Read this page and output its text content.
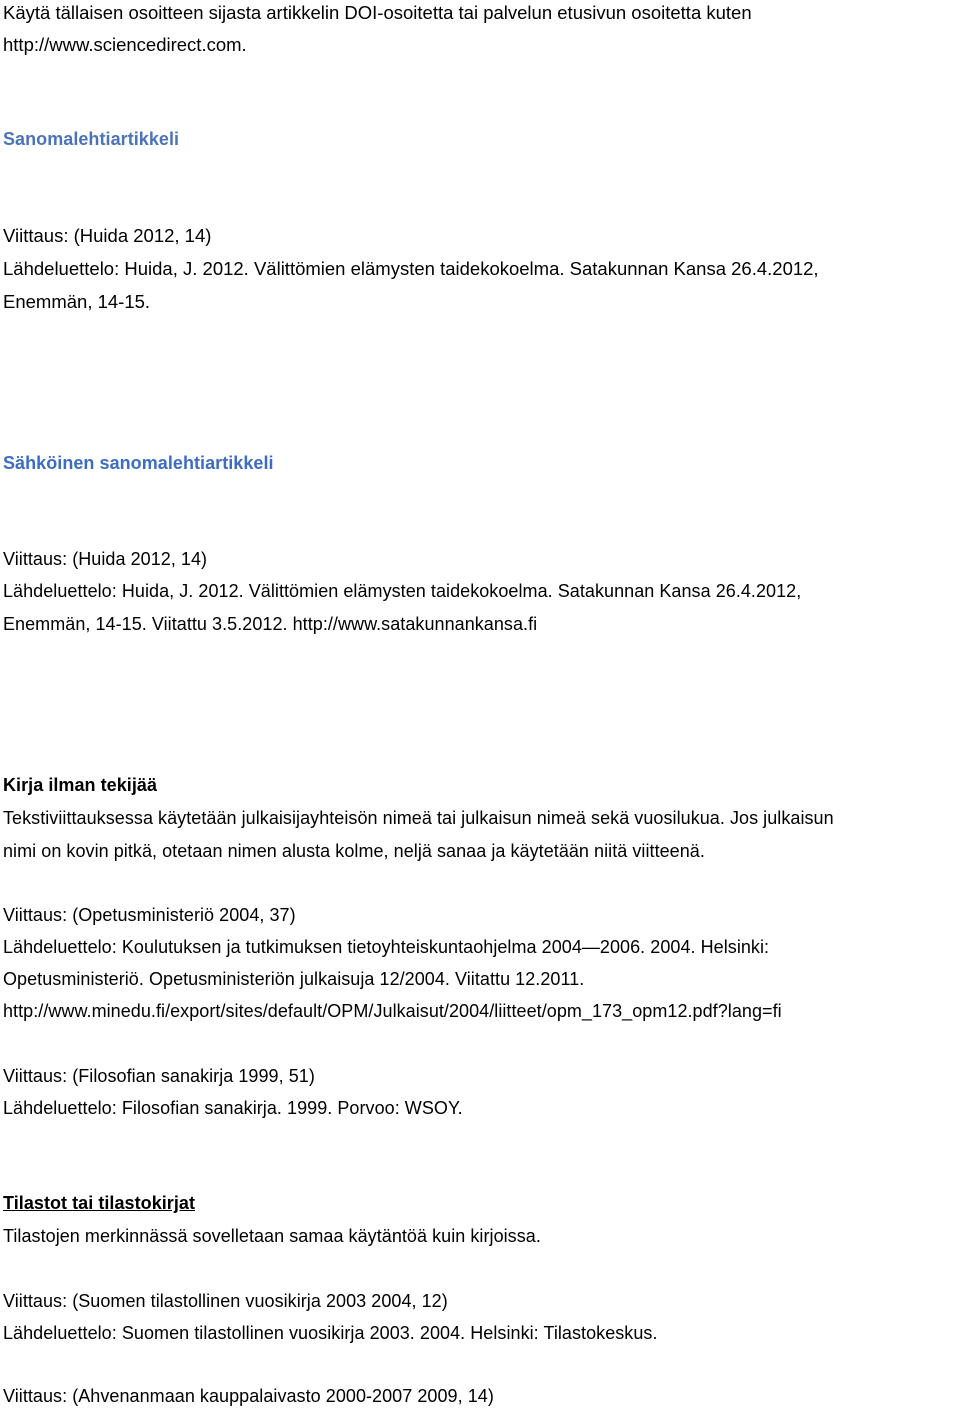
Käytä tällaisen osoitteen sijasta artikkelin DOI-osoitetta tai palvelun etusivun osoitetta kuten
http://www.sciencedirect.com.
Sanomalehtiartikkeli
Viittaus: (Huida 2012, 14)
Lähdeluettelo: Huida, J. 2012. Välittömien elämysten taidekokoelma. Satakunnan Kansa 26.4.2012,
Enemmän, 14-15.
Sähköinen sanomalehtiartikkeli
Viittaus: (Huida 2012, 14)
Lähdeluettelo: Huida, J. 2012. Välittömien elämysten taidekokoelma. Satakunnan Kansa 26.4.2012,
Enemmän, 14-15. Viitattu 3.5.2012. http://www.satakunnankansa.fi
Kirja ilman tekijää
Tekstiviittauksessa käytetään julkaisijayhteisön nimeä tai julkaisun nimeä sekä vuosilukua. Jos julkaisun
nimi on kovin pitkä, otetaan nimen alusta kolme, neljä sanaa ja käytetään niitä viitteenä.
Viittaus: (Opetusministeriö 2004, 37)
Lähdeluettelo: Koulutuksen ja tutkimuksen tietoyhteiskuntaohjelma 2004—2006. 2004. Helsinki:
Opetusministeriö. Opetusministeriön julkaisuja 12/2004. Viitattu 12.2011.
http://www.minedu.fi/export/sites/default/OPM/Julkaisut/2004/liitteet/opm_173_opm12.pdf?lang=fi
Viittaus: (Filosofian sanakirja 1999, 51)
Lähdeluettelo: Filosofian sanakirja. 1999. Porvoo: WSOY.
Tilastot tai tilastokirjat
Tilastojen merkinnässä sovelletaan samaa käytäntöä kuin kirjoissa.
Viittaus: (Suomen tilastollinen vuosikirja 2003 2004, 12)
Lähdeluettelo: Suomen tilastollinen vuosikirja 2003. 2004. Helsinki: Tilastokeskus.
Viittaus: (Ahvenanmaan kauppalaivasto 2000-2007 2009, 14)
